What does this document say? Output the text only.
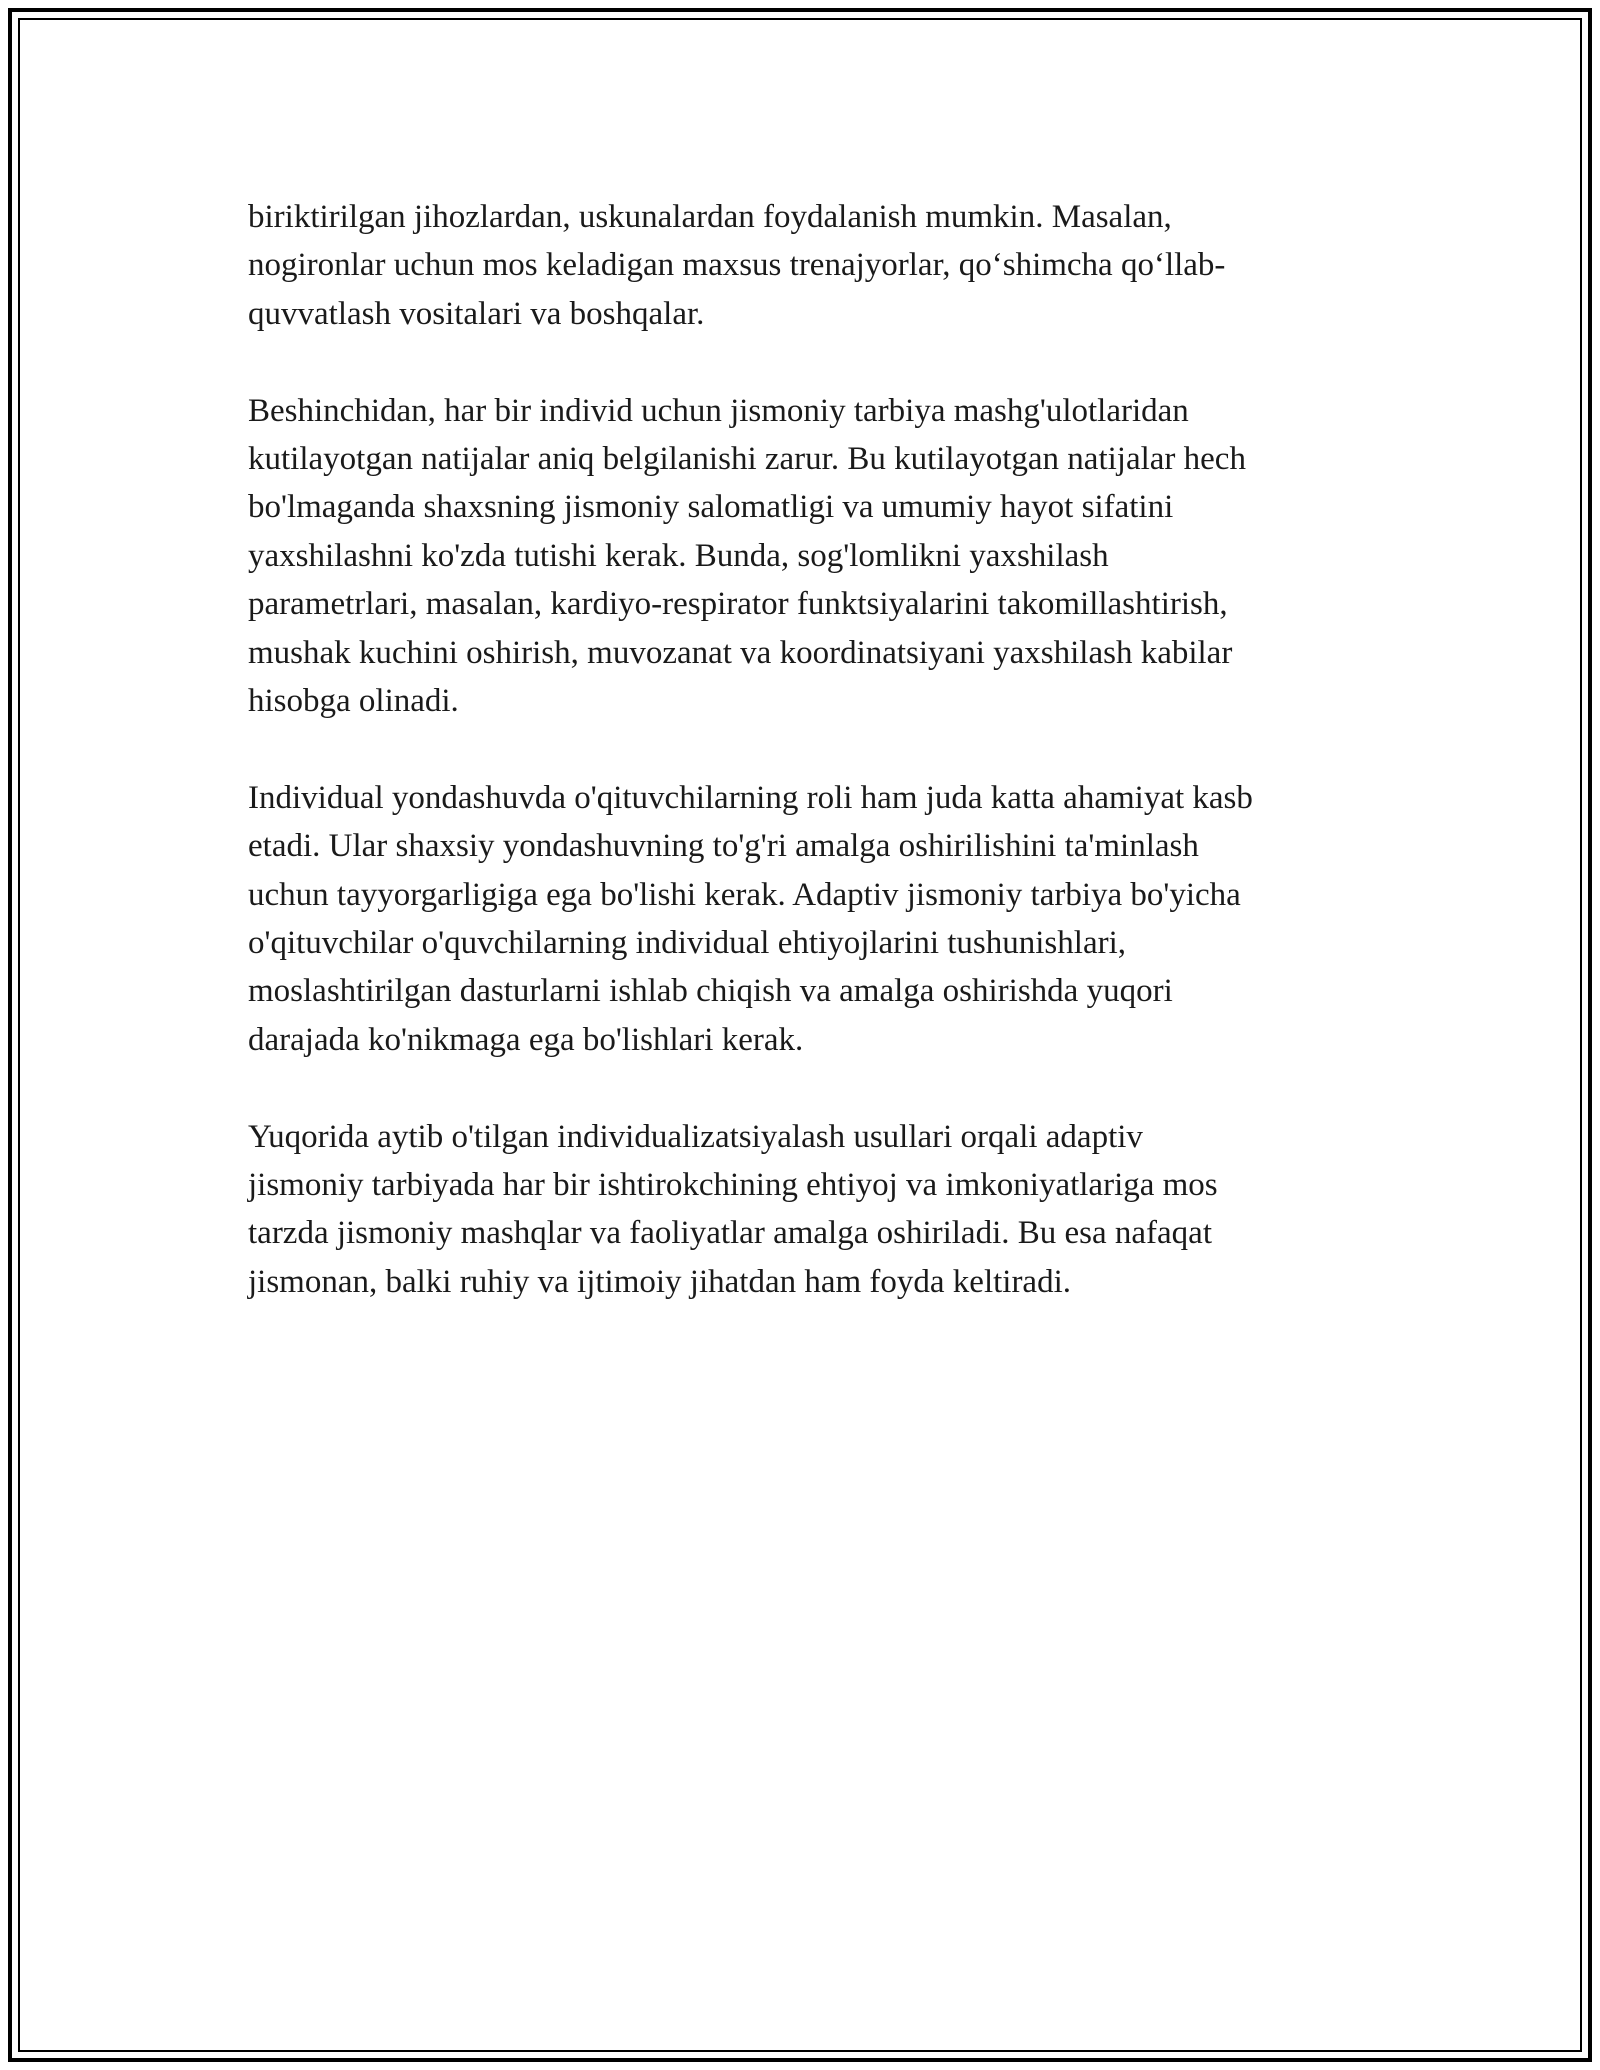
biriktirilgan jihozlardan, uskunalardan foydalanish mumkin. Masalan,
nogironlar uchun mos keladigan maxsus trenajyorlar, qo‘shimcha qo‘llab-
quvvatlash vositalari va boshqalar.

Beshinchidan, har bir individ uchun jismoniy tarbiya mashg'ulotlaridan
kutilayotgan natijalar aniq belgilanishi zarur. Bu kutilayotgan natijalar hech
bo'lmaganda shaxsning jismoniy salomatligi va umumiy hayot sifatini
yaxshilashni ko'zda tutishi kerak. Bunda, sog'lomlikni yaxshilash
parametrlari, masalan, kardiyo-respirator funktsiyalarini takomillashtirish,
mushak kuchini oshirish, muvozanat va koordinatsiyani yaxshilash kabilar
hisobga olinadi.

Individual yondashuvda o'qituvchilarning roli ham juda katta ahamiyat kasb
etadi. Ular shaxsiy yondashuvning to'g'ri amalga oshirilishini ta'minlash
uchun tayyorgarligiga ega bo'lishi kerak. Adaptiv jismoniy tarbiya bo'yicha
o'qituvchilar o'quvchilarning individual ehtiyojlarini tushunishlari,
moslashtirilgan dasturlarni ishlab chiqish va amalga oshirishda yuqori
darajada ko'nikmaga ega bo'lishlari kerak.

Yuqorida aytib o'tilgan individualizatsiyalash usullari orqali adaptiv
jismoniy tarbiyada har bir ishtirokchining ehtiyoj va imkoniyatlariga mos
tarzda jismoniy mashqlar va faoliyatlar amalga oshiriladi. Bu esa nafaqat
jismonan, balki ruhiy va ijtimoiy jihatdan ham foyda keltiradi.
